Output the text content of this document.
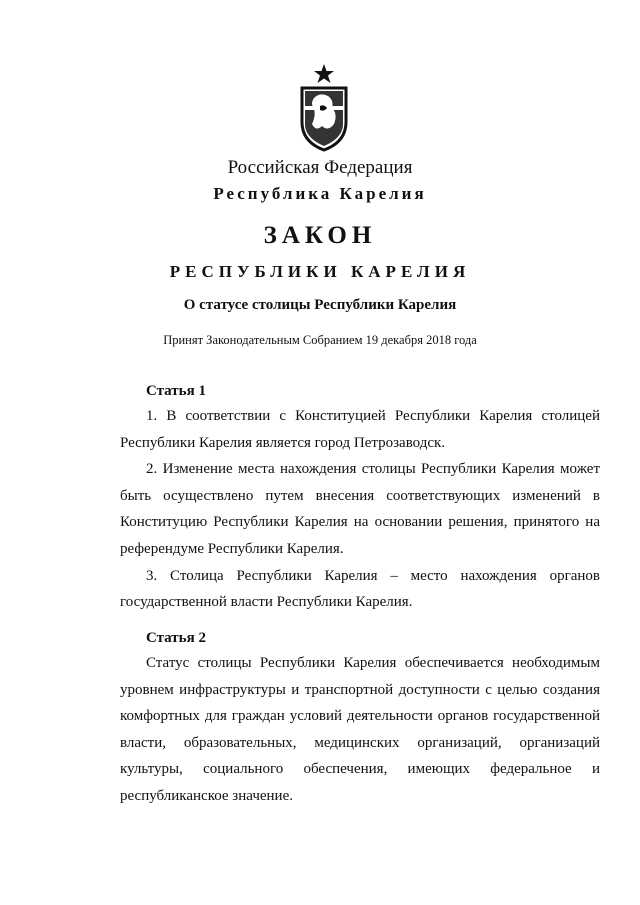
Российская Федерация
Республика Карелия
ЗАКОН
РЕСПУБЛИКИ КАРЕЛИЯ
О статусе столицы Республики Карелия
Принят Законодательным Собранием 19 декабря 2018 года
Статья 1

1. В соответствии с Конституцией Республики Карелия столицей Республики Карелия является город Петрозаводск.

2. Изменение места нахождения столицы Республики Карелия может быть осуществлено путем внесения соответствующих изменений в Конституцию Республики Карелия на основании решения, принятого на референдуме Республики Карелия.

3. Столица Республики Карелия – место нахождения органов государственной власти Республики Карелия.

Статья 2

Статус столицы Республики Карелия обеспечивается необходимым уровнем инфраструктуры и транспортной доступности с целью создания комфортных для граждан условий деятельности органов государственной власти, образовательных, медицинских организаций, организаций культуры, социального обеспечения, имеющих федеральное и республиканское значение.
